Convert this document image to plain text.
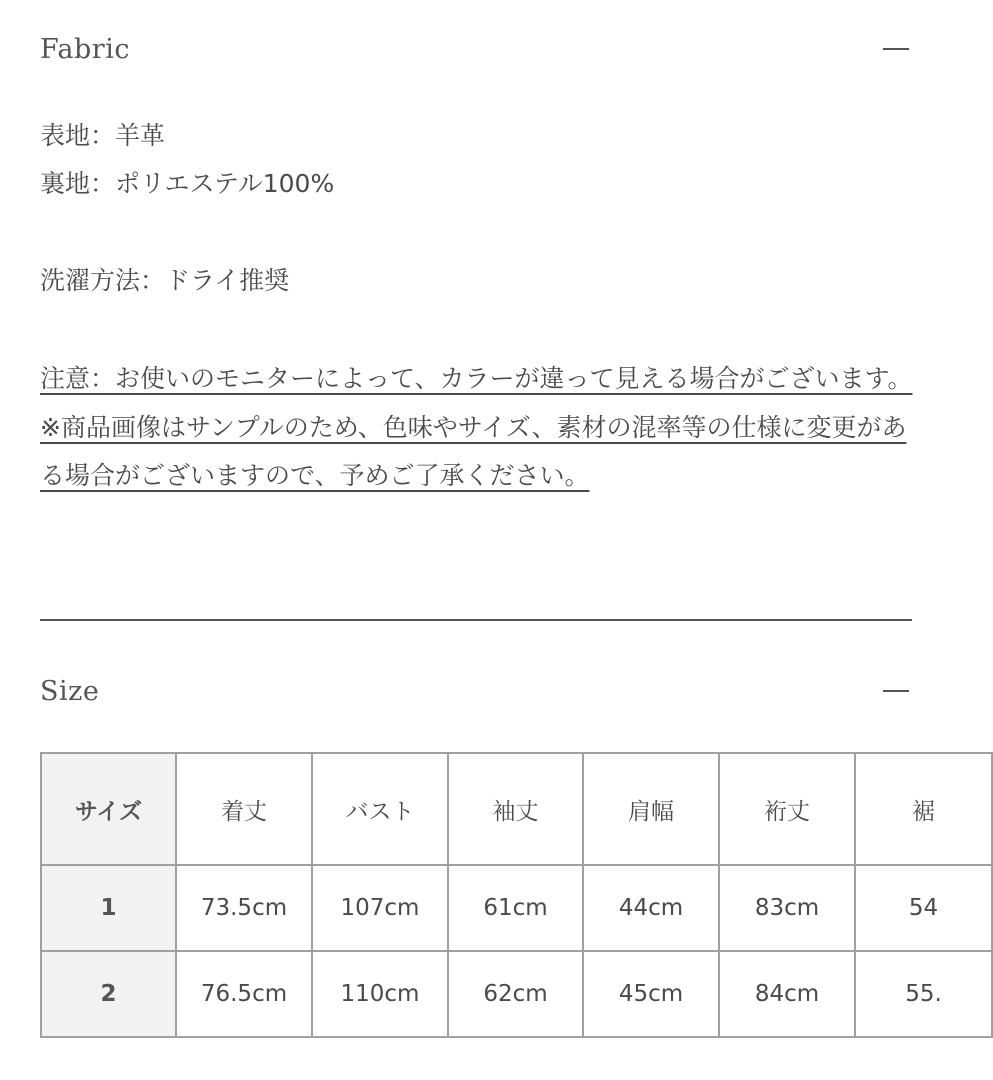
Fabric

表地：羊革

裏地：ポリエステル100%

洗濯方法：ドライ推奨

注意：お使いのモニターによって、カラーが違って見える場合がございます。

※商品画像はサンプルのため、色味やサイズ、素材の混率等の仕様に変更がある場合がございますので、予めご了承ください。

Size
サイズ	着丈	バスト	袖丈	肩幅	裄丈	裾
1	73.5cm	107cm	61cm	44cm	83cm	54
2	76.5cm	110cm	62cm	45cm	84cm	55.
